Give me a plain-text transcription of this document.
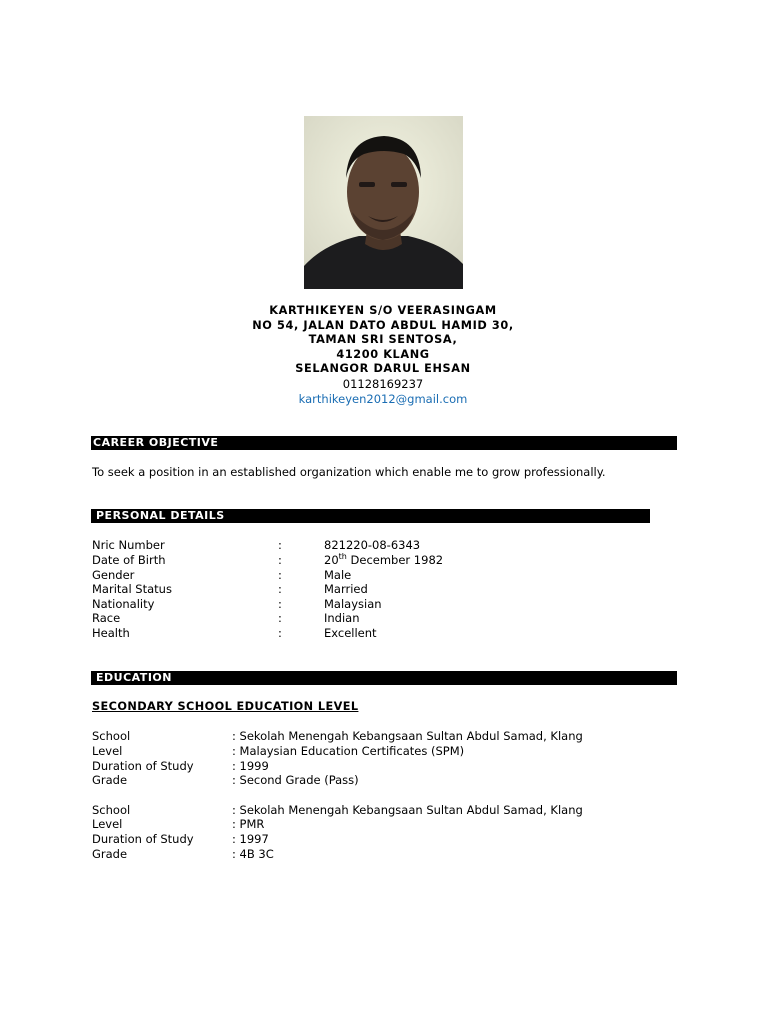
KARTHIKEYEN S/O VEERASINGAM
NO 54, JALAN DATO ABDUL HAMID 30,
TAMAN SRI SENTOSA,
41200 KLANG
SELANGOR DARUL EHSAN
01128169237
karthikeyen2012@gmail.com
CAREER OBJECTIVE
To seek a position in an established organization which enable me to grow professionally.
PERSONAL DETAILS
Nric Number	:	821220-08-6343
Date of Birth	:	20th December 1982
Gender	:	Male
Marital Status	:	Married
Nationality	:	Malaysian
Race	:	Indian
Health	:	Excellent
EDUCATION
SECONDARY SCHOOL EDUCATION LEVEL
School	: Sekolah Menengah Kebangsaan Sultan Abdul Samad, Klang
Level	: Malaysian Education Certificates (SPM)
Duration of Study	: 1999
Grade	: Second Grade (Pass)
School	: Sekolah Menengah Kebangsaan Sultan Abdul Samad, Klang
Level	: PMR
Duration of Study	: 1997
Grade	: 4B 3C
